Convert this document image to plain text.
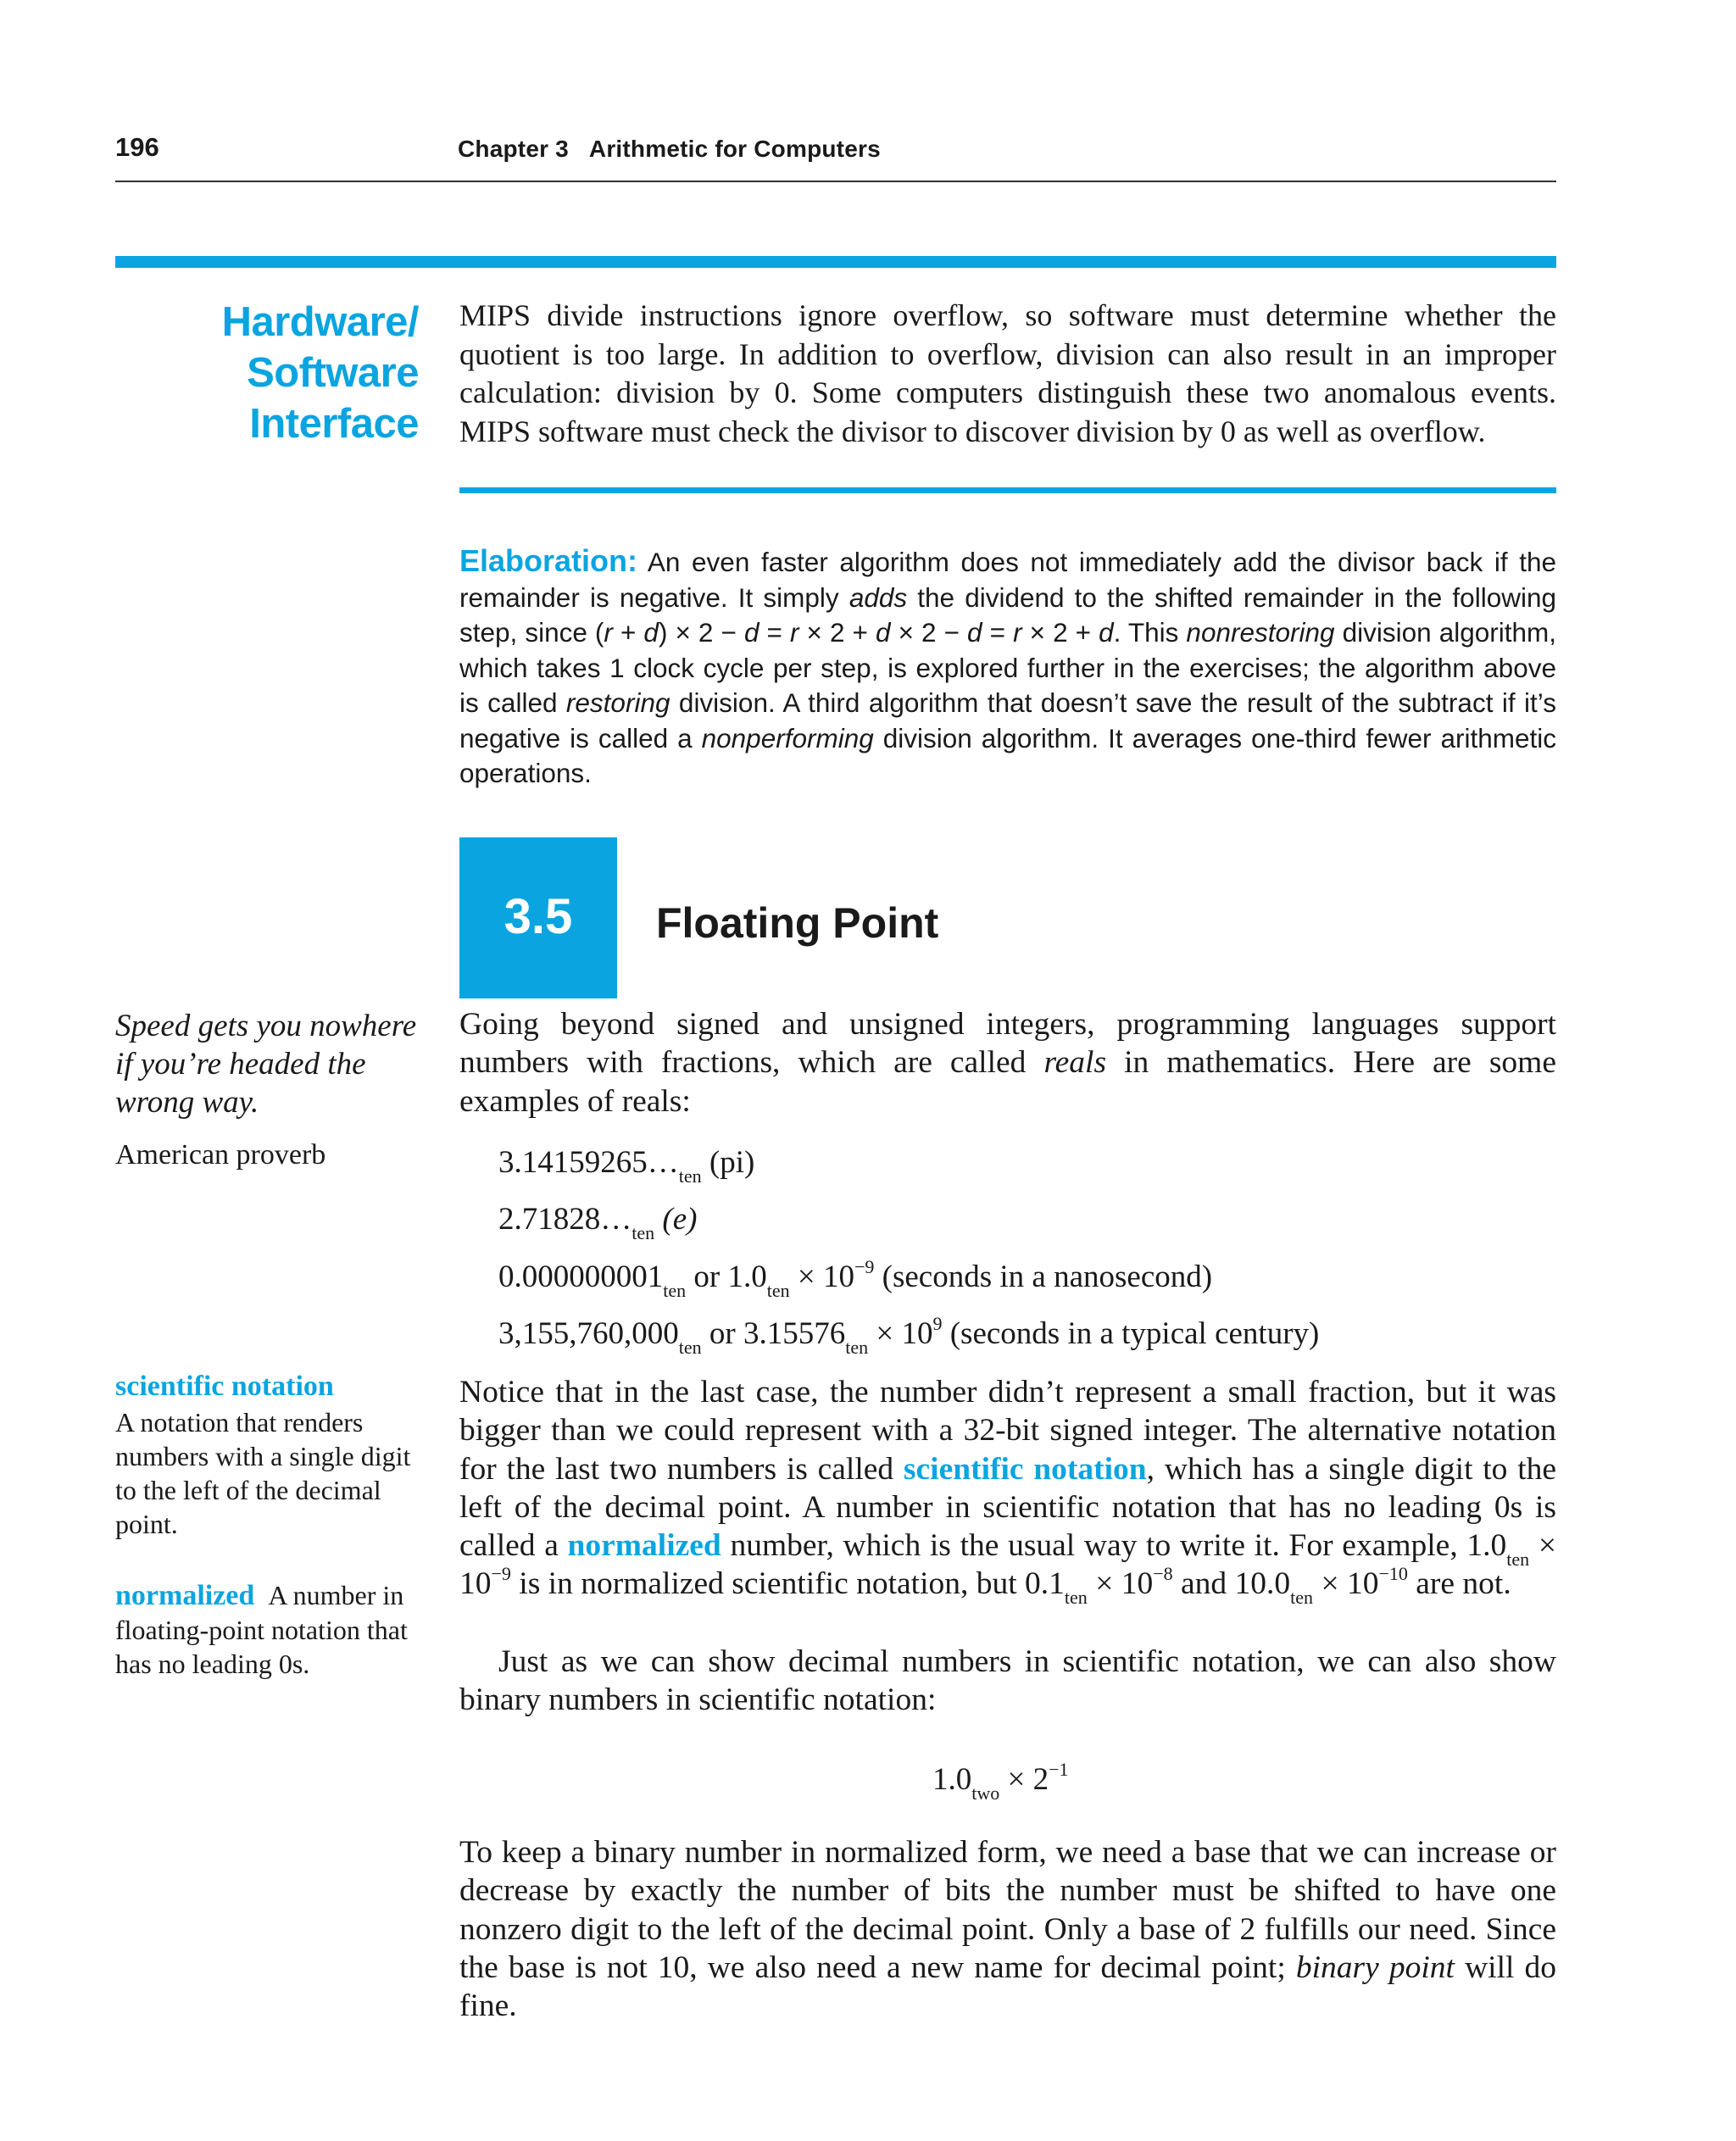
196	Chapter 3 Arithmetic for Computers
Hardware/
Software
Interface
MIPS divide instructions ignore overflow, so software must determine whether the quotient is too large. In addition to overflow, division can also result in an improper calculation: division by 0. Some computers distinguish these two anomalous events. MIPS software must check the divisor to discover division by 0 as well as overflow.
Elaboration: An even faster algorithm does not immediately add the divisor back if the remainder is negative. It simply adds the dividend to the shifted remainder in the following step, since (r + d) × 2 − d = r × 2 + d × 2 − d = r × 2 + d. This nonrestoring division algorithm, which takes 1 clock cycle per step, is explored further in the exercises; the algorithm above is called restoring division. A third algorithm that doesn’t save the result of the subtract if it’s negative is called a nonperforming division algorithm. It averages one-third fewer arithmetic operations.
3.5	Floating Point
Speed gets you nowhere if you’re headed the wrong way.
American proverb
scientific notation
A notation that renders numbers with a single digit to the left of the decimal point.
normalized A number in floating-point notation that has no leading 0s.
Going beyond signed and unsigned integers, programming languages support numbers with fractions, which are called reals in mathematics. Here are some examples of reals:
$3.14159265\dots_{ten}$ (pi)
$2.71828\dots_{ten}$ (e)
$0.000000001_{ten}$ or $1.0_{ten} \times 10^{-9}$ (seconds in a nanosecond)
$3,155,760,000_{ten}$ or $3.15576_{ten} \times 10^9$ (seconds in a typical century)
Notice that in the last case, the number didn’t represent a small fraction, but it was bigger than we could represent with a 32-bit signed integer. The alternative notation for the last two numbers is called scientific notation, which has a single digit to the left of the decimal point. A number in scientific notation that has no leading 0s is called a normalized number, which is the usual way to write it. For example, $1.0_{ten} \times 10^{-9}$ is in normalized scientific notation, but $0.1_{ten} \times 10^{-8}$ and $10.0_{ten} \times 10^{-10}$ are not.
Just as we can show decimal numbers in scientific notation, we can also show binary numbers in scientific notation:
$1.0_{two} \times 2^{-1}$
To keep a binary number in normalized form, we need a base that we can increase or decrease by exactly the number of bits the number must be shifted to have one nonzero digit to the left of the decimal point. Only a base of 2 fulfills our need. Since the base is not 10, we also need a new name for decimal point; binary point will do fine.
